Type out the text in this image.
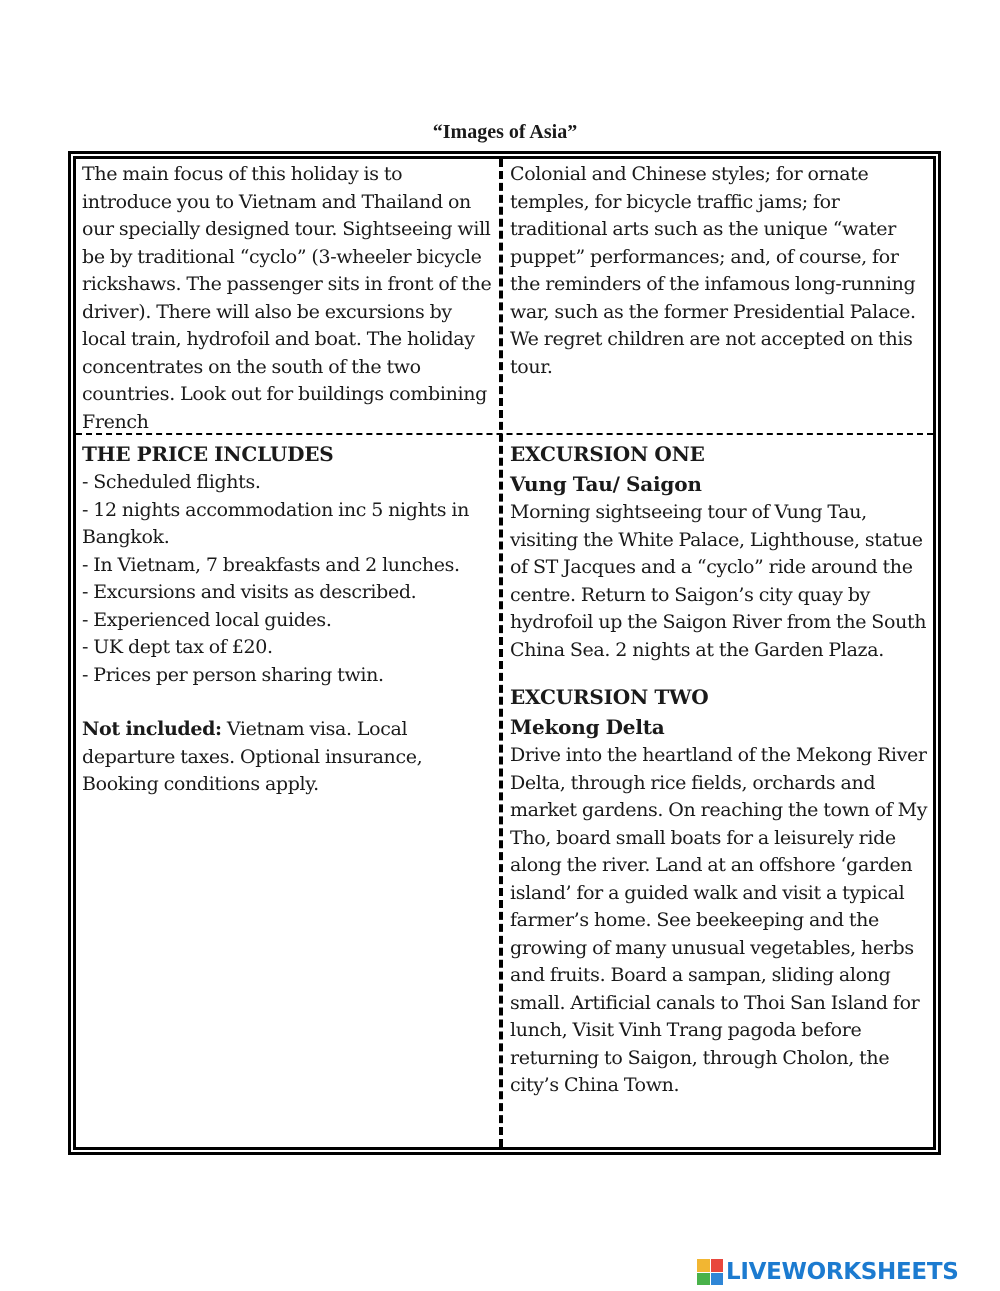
“Images of Asia”

The main focus of this holiday is to introduce you to Vietnam and Thailand on our specially designed tour. Sightseeing will be by traditional “cyclo” (3-wheeler bicycle rickshaws. The passenger sits in front of the driver). There will also be excursions by local train, hydrofoil and boat. The holiday concentrates on the south of the two countries. Look out for buildings combining French

Colonial and Chinese styles; for ornate temples, for bicycle traffic jams; for traditional arts such as the unique “water puppet” performances; and, of course, for the reminders of the infamous long-running war, such as the former Presidential Palace. We regret children are not accepted on this tour.

THE PRICE INCLUDES
- Scheduled flights.
- 12 nights accommodation inc 5 nights in Bangkok.
- In Vietnam, 7 breakfasts and 2 lunches.
- Excursions and visits as described.
- Experienced local guides.
- UK dept tax of £20.
- Prices per person sharing twin.

Not included: Vietnam visa. Local departure taxes. Optional insurance, Booking conditions apply.

EXCURSION ONE
Vung Tau/ Saigon

Morning sightseeing tour of Vung Tau, visiting the White Palace, Lighthouse, statue of ST Jacques and a “cyclo” ride around the centre. Return to Saigon’s city quay by hydrofoil up the Saigon River from the South China Sea. 2 nights at the Garden Plaza.

EXCURSION TWO
Mekong Delta

Drive into the heartland of the Mekong River Delta, through rice fields, orchards and market gardens. On reaching the town of My Tho, board small boats for a leisurely ride along the river. Land at an offshore ‘garden island’ for a guided walk and visit a typical farmer’s home. See beekeeping and the growing of many unusual vegetables, herbs and fruits. Board a sampan, sliding along small. Artificial canals to Thoi San Island for lunch, Visit Vinh Trang pagoda before returning to Saigon, through Cholon, the city’s China Town.

LIVEWORKSHEETS
